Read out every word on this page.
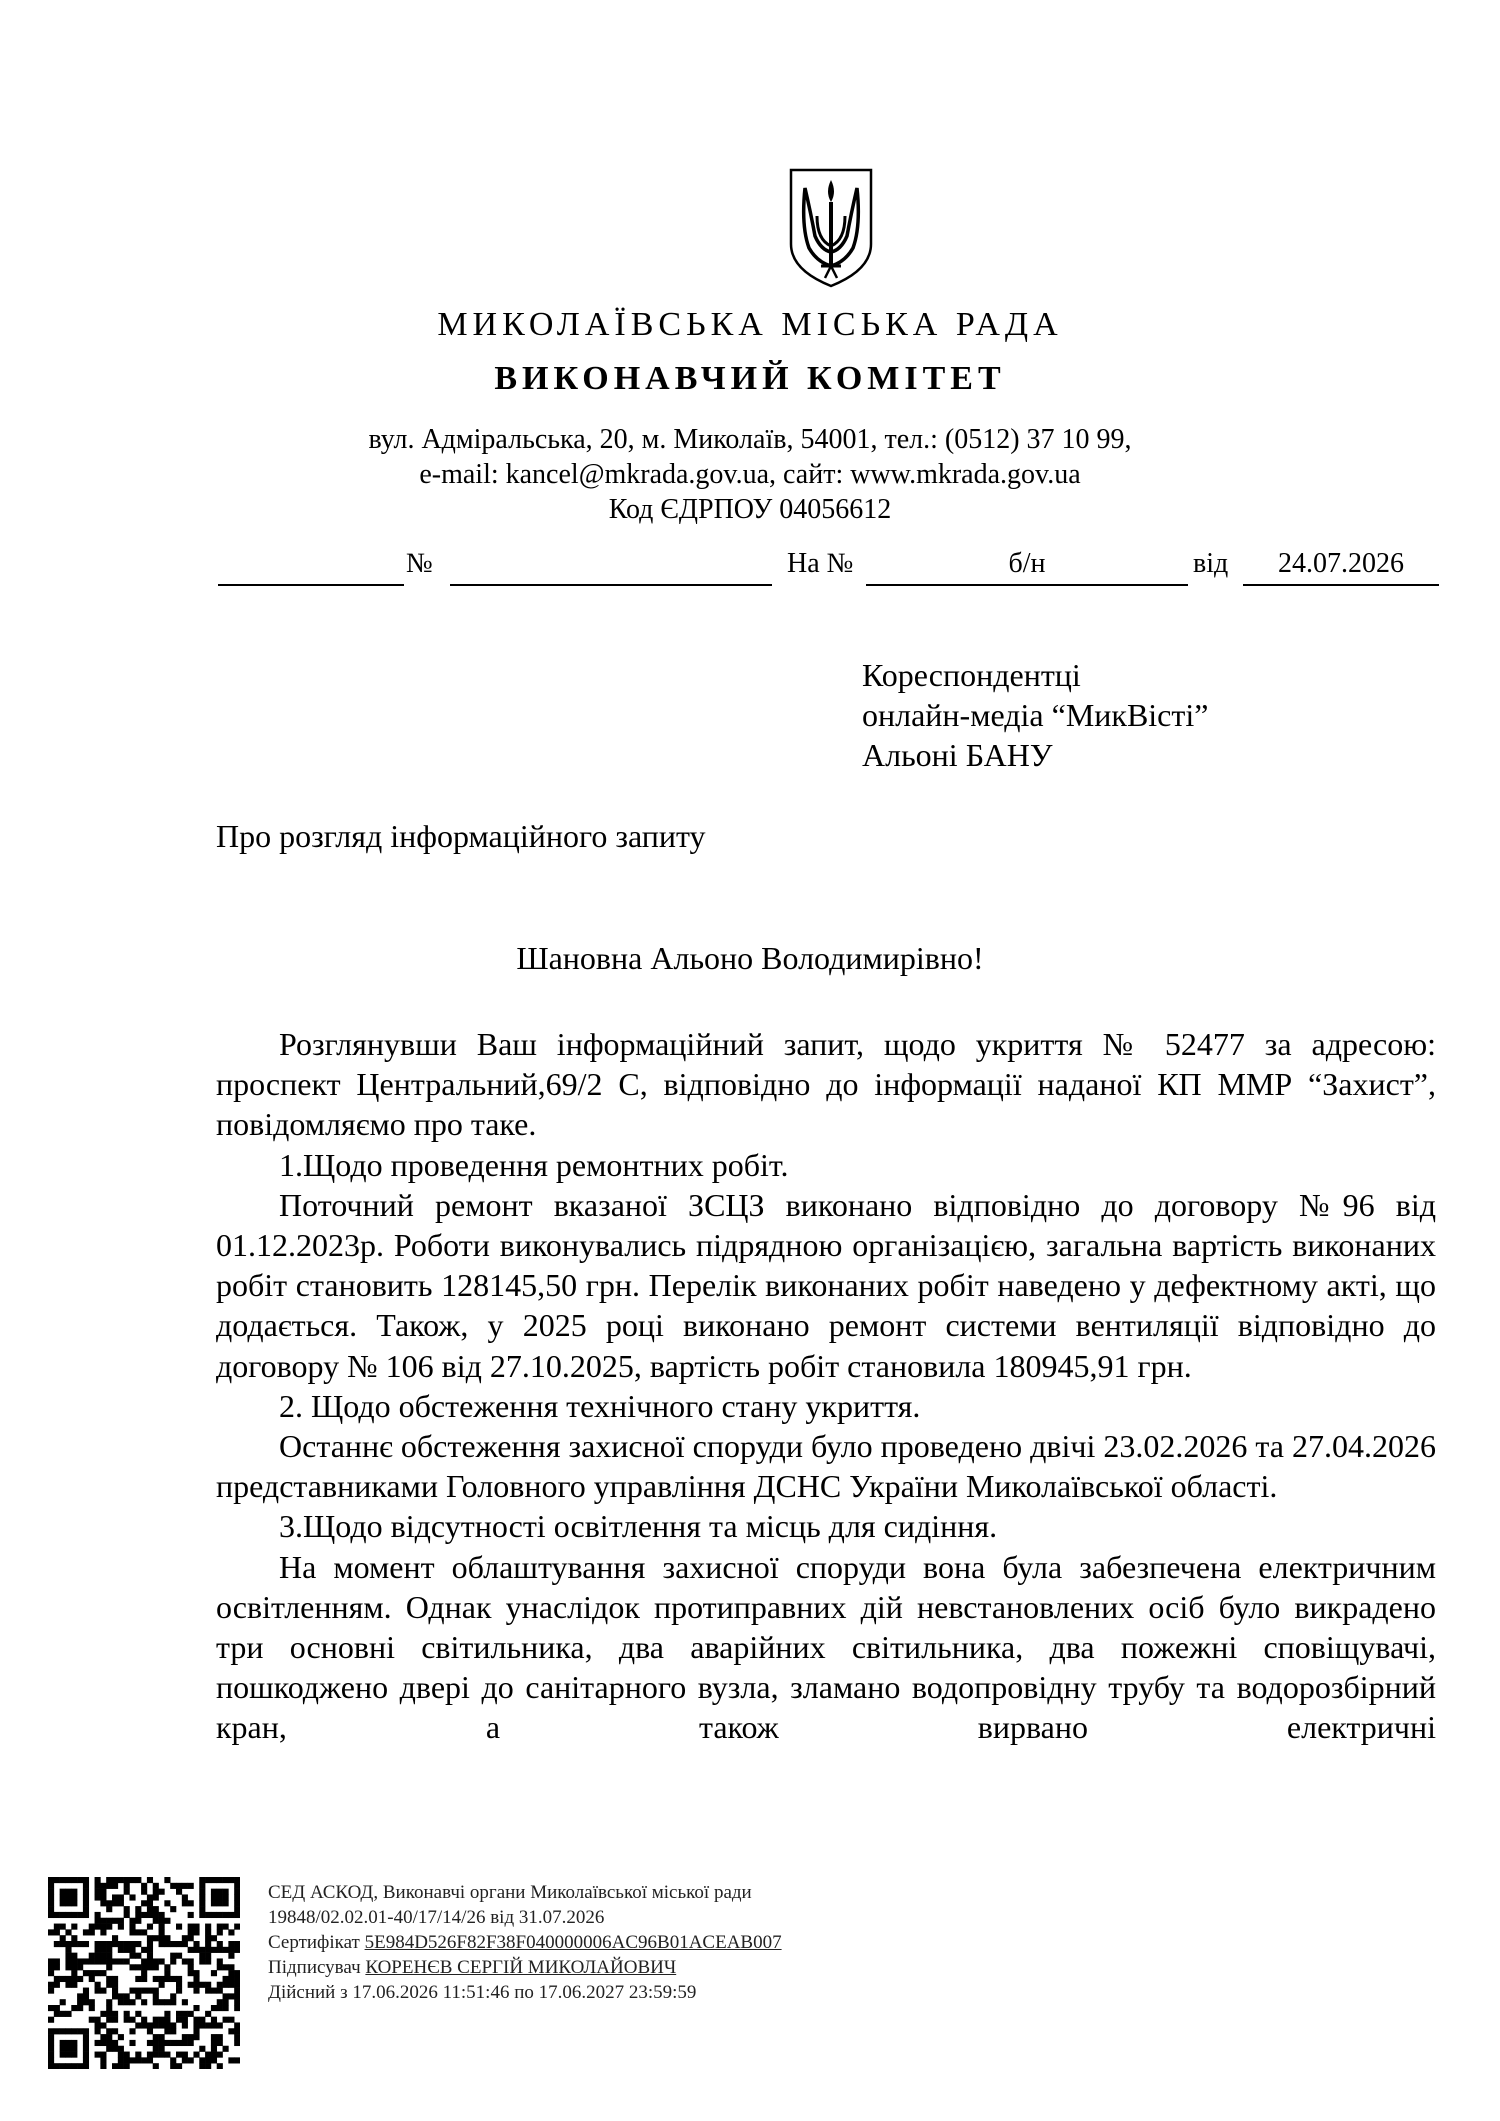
МИКОЛАЇВСЬКА МІСЬКА РАДА
ВИКОНАВЧИЙ КОМІТЕТ
вул. Адміральська, 20, м. Миколаїв, 54001, тел.: (0512) 37 10 99,
e-mail: kancel@mkrada.gov.ua, сайт: www.mkrada.gov.ua
Код ЄДРПОУ 04056612
№	На №	б/н	від	24.07.2026
Кореспондентці
онлайн-медіа “МикВісті”
Альоні БАНУ
Про розгляд інформаційного запиту
Шановна Альоно Володимирівно!

Розглянувши Ваш інформаційний запит, щодо укриття № 52477 за адресою: проспект Центральний,69/2 С, відповідно до інформації наданої КП ММР “Захист”, повідомляємо про таке.

1.Щодо проведення ремонтних робіт.

Поточний ремонт вказаної ЗСЦЗ виконано відповідно до договору №96 від 01.12.2023р. Роботи виконувались підрядною організацією, загальна вартість виконаних робіт становить 128145,50 грн. Перелік виконаних робіт наведено у дефектному акті, що додається. Також, у 2025 році виконано ремонт системи вентиляції відповідно до договору № 106 від 27.10.2025, вартість робіт становила 180945,91 грн.

2. Щодо обстеження технічного стану укриття.

Останнє обстеження захисної споруди було проведено двічі 23.02.2026 та 27.04.2026 представниками Головного управління ДСНС України Миколаївської області.

3.Щодо відсутності освітлення та місць для сидіння.

На момент облаштування захисної споруди вона була забезпечена електричним освітленням. Однак унаслідок протиправних дій невстановлених осіб було викрадено три основні світильника, два аварійних світильника, два пожежні сповіщувачі, пошкоджено двері до санітарного вузла, зламано водопровідну трубу та водорозбірний кран, а також вирвано електричні

СЕД АСКОД, Виконавчі органи Миколаївської міської ради
19848/02.02.01-40/17/14/26 від 31.07.2026
Сертифікат 5E984D526F82F38F040000006AC96B01ACEAB007
Підписувач КОРЕНЄВ СЕРГІЙ МИКОЛАЙОВИЧ
Дійсний з 17.06.2026 11:51:46 по 17.06.2027 23:59:59
